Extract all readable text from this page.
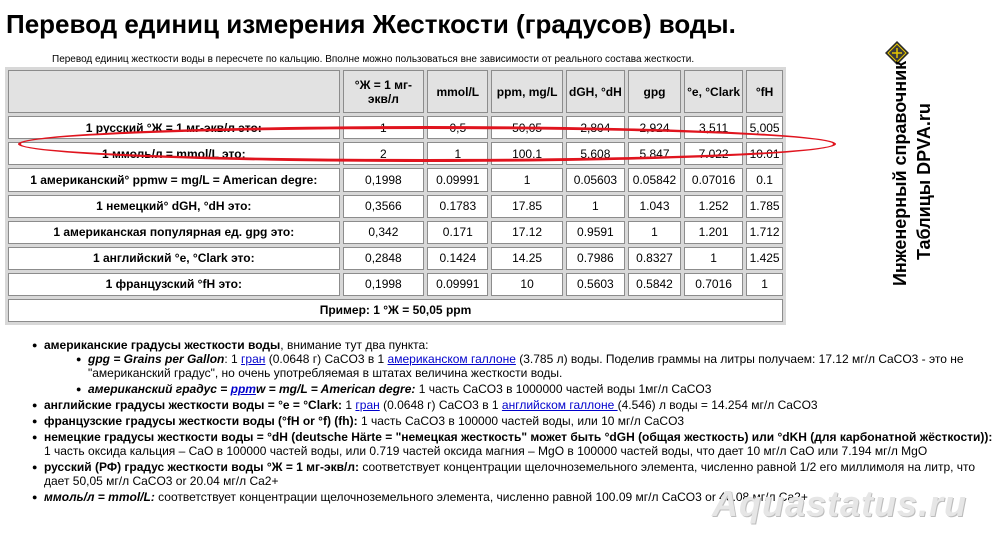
Перевод единиц измерения Жесткости (градусов) воды.
Перевод единиц жесткости воды в пересчете по кальцию. Вполне можно пользоваться вне зависимости от реального состава жесткости.
	°Ж = 1 мг-экв/л	mmol/L	ppm, mg/L	dGH, °dH	gpg	°e, °Clark	°fH
1 русский °Ж = 1 мг-экв/л это:	1	0,5	50,05	2,804	2,924	3,511	5,005
1 ммоль/л = mmol/L это:	2	1	100.1	5.608	5.847	7.022	10.01
1 американский° ppmw = mg/L = American degre:	0,1998	0.09991	1	0.05603	0.05842	0.07016	0.1
1 немецкий° dGH, °dH это:	0,3566	0.1783	17.85	1	1.043	1.252	1.785
1 американская популярная ед. gpg это:	0,342	0.171	17.12	0.9591	1	1.201	1.712
1 английский °e, °Clark это:	0,2848	0.1424	14.25	0.7986	0.8327	1	1.425
1 французский °fH это:	0,1998	0.09991	10	0.5603	0.5842	0.7016	1
Пример: 1 °Ж = 50,05 ppm							
Инженерный справочник Таблицы DPVA.ru
● американские градусы жесткости воды, внимание тут два пункта:
● gpg = Grains per Gallon: 1 гран (0.0648 г) CaCO3 в 1 американском галлоне (3.785 л) воды. Поделив граммы на литры получаем: 17.12 мг/л CaCO3 - это не "американский градус", но очень употребляемая в штатах величина жесткости воды.
● американский градус = ppmw = mg/L = American degre: 1 часть CaCO3 в 1000000 частей воды 1мг/л CaCO3
● английские градусы жесткости воды = °e = °Clark: 1 гран (0.0648 г) CaCO3 в 1 английском галлоне (4.546) л воды = 14.254 мг/л CaCO3
● французские градусы жесткости воды (°fH or °f) (fh): 1 часть CaCO3 в 100000 частей воды, или 10 мг/л CaCO3
● немецкие градусы жесткости воды = °dH (deutsche Härte = "немецкая жесткость" может быть °dGH (общая жесткость) или °dKH (для карбонатной жёсткости)): 1 часть оксида кальция – CaO в 100000 частей воды, или 0.719 частей оксида магния – MgO в 100000 частей воды, что дает 10 мг/л CaO или 7.194 мг/л MgO
● русский (РФ) градус жесткости воды °Ж = 1 мг-экв/л: соответствует концентрации щелочноземельного элемента, численно равной 1/2 его миллимоля на литр, что дает 50,05 мг/л CaCO3 or 20.04 мг/л Ca2+
● ммоль/л = mmol/L: соответствует концентрации щелочноземельного элемента, численно равной 100.09 мг/л CaCO3 or 40.08 мг/л Ca2+
Aquastatus.ru
